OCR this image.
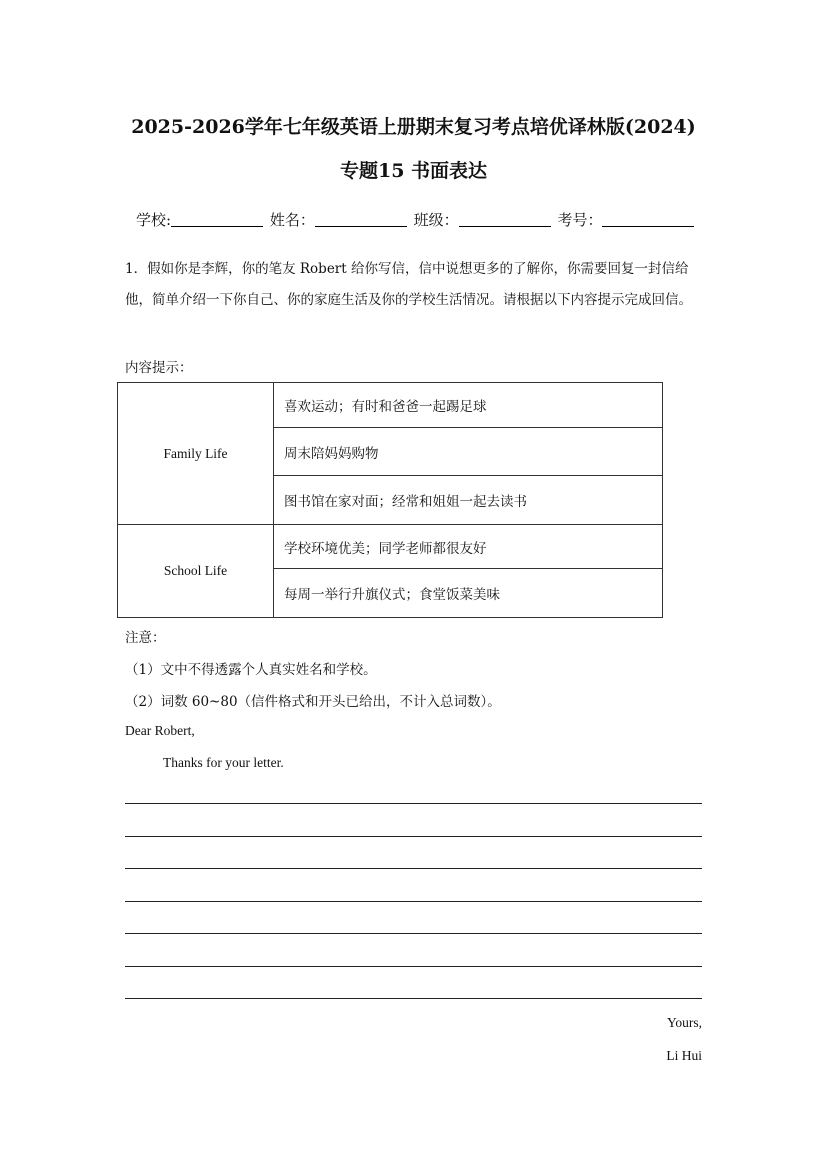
2025-2026学年七年级英语上册期末复习考点培优译林版(2024)
专题15 书面表达
学校:	姓名：	班级：	考号：
1．假如你是李辉，你的笔友 Robert 给你写信，信中说想更多的了解你，你需要回复一封信给他，简单介绍一下你自己、你的家庭生活及你的学校生活情况。请根据以下内容提示完成回信。
内容提示：
Family Life	喜欢运动；有时和爸爸一起踢足球
	周末陪妈妈购物
	图书馆在家对面；经常和姐姐一起去读书
School Life	学校环境优美；同学老师都很友好
	每周一举行升旗仪式；食堂饭菜美味
注意：
（1）文中不得透露个人真实姓名和学校。
（2）词数 60~80（信件格式和开头已给出，不计入总词数）。
Dear Robert,
Thanks for your letter.
Yours,
Li Hui
